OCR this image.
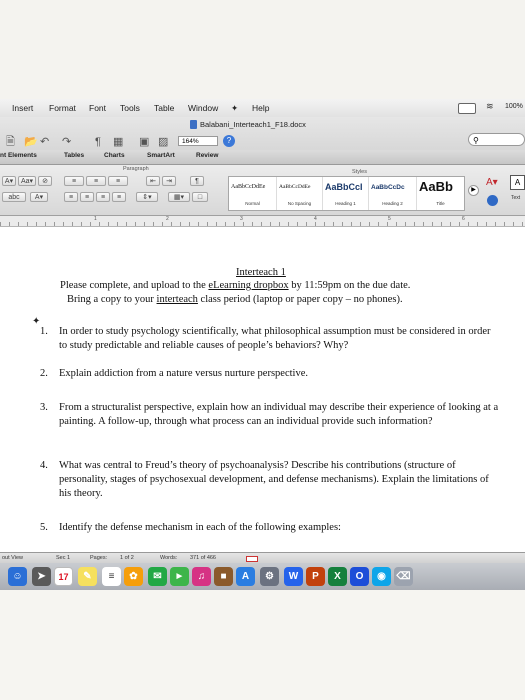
Insert Format Font Tools Table Window ✦ Help	≋ 100%
Balabani_Interteach1_F18.docx
🗎 📂 ↶ ↷ ¶ ▦ ▣ ▨	164%	?	⚲
nt Elements	Tables	Charts	SmartArt	Review
Paragraph	Styles
A▾	Aa▾	⊘
abc	A▾
≡	≡	≡	⇤	⇥	¶
≡	≡	≡	≡	⇕▾	▦▾	□
AaBbCcDdEe
Normal
AaBbCcDdEe
No Spacing
AaBbCcI
Heading 1
AaBbCcDc
Heading 2
AaBb
Title
▶
A▾	A
Text
1	2	3	4	5	6
Interteach 1
Please complete, and upload to the eLearning dropbox by 11:59pm on the due date.
Bring a copy to your interteach class period (laptop or paper copy – no phones).
✦
1. In order to study psychology scientifically, what philosophical assumption must be considered in order to study predictable and reliable causes of people’s behaviors? Why?
2. Explain addiction from a nature versus nurture perspective.
3. From a structuralist perspective, explain how an individual may describe their experience of looking at a painting. A follow-up, through what process can an individual provide such information?
4. What was central to Freud’s theory of psychoanalysis? Describe his contributions (structure of personality, stages of psychosexual development, and defense mechanisms). Explain the limitations of his theory.
5. Identify the defense mechanism in each of the following examples:
out View	Sec 1	Pages: 1 of 2	Words: 371 of 466
☺	➤	17	✎	≡	✿	✉	►	♫	■	A	⚙	W	P	X	O	◉	⌫
